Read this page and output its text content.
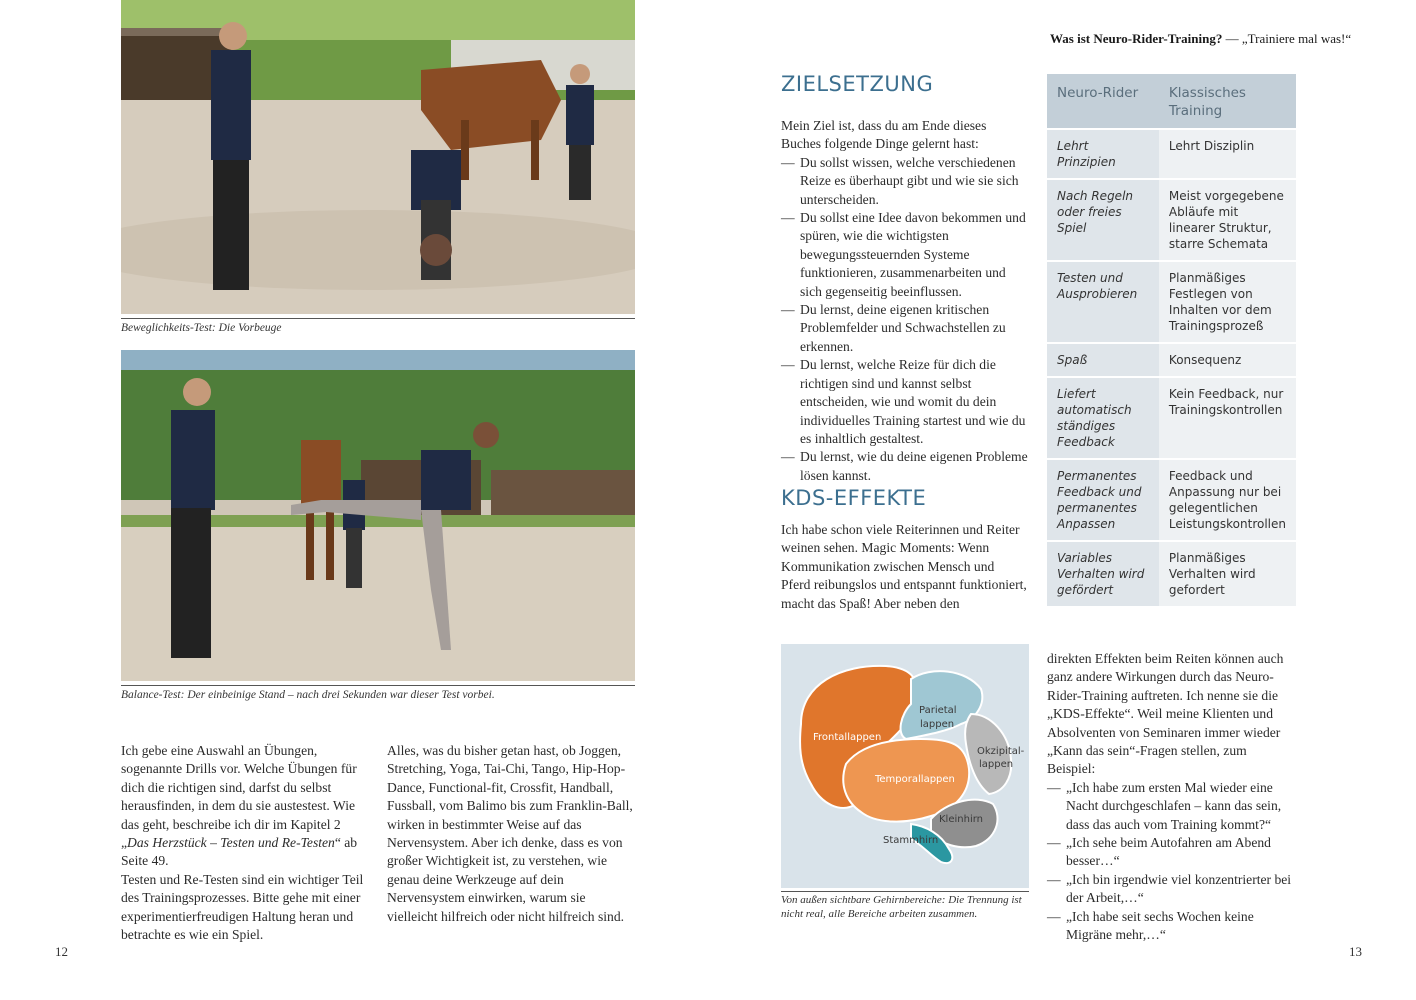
Was ist Neuro-Rider-Training? — „Trainiere mal was!“
Beweglichkeits-Test: Die Vorbeuge
Balance-Test: Der einbeinige Stand – nach drei Sekunden war dieser Test vorbei.

Ich gebe eine Auswahl an Übungen, sogenannte Drills vor. Welche Übungen für dich die richtigen sind, darfst du selbst herausfinden, in dem du sie austestest. Wie das geht, beschreibe ich dir im Kapitel 2 „Das Herzstück – Testen und Re-Testen“ ab Seite 49.

Testen und Re-Testen sind ein wichtiger Teil des Trainingsprozesses. Bitte gehe mit einer experimentierfreudigen Haltung heran und betrachte es wie ein Spiel.

Alles, was du bisher getan hast, ob Joggen, Stretching, Yoga, Tai-Chi, Tango, Hip-Hop-Dance, Functional-fit, Crossfit, Handball, Fussball, vom Balimo bis zum Franklin-Ball, wirken in bestimmter Weise auf das Nervensystem. Aber ich denke, dass es von großer Wichtigkeit ist, zu verstehen, wie genau deine Werkzeuge auf dein Nervensystem einwirken, warum sie vielleicht hilfreich oder nicht hilfreich sind.

12
ZIELSETZUNG

Mein Ziel ist, dass du am Ende dieses Buches folgende Dinge gelernt hast:

— Du sollst wissen, welche verschiedenen Reize es überhaupt gibt und wie sie sich unterscheiden.
— Du sollst eine Idee davon bekommen und spüren, wie die wichtigsten bewegungssteuernden Systeme funktionieren, zusammenarbeiten und sich gegenseitig beeinflussen.
— Du lernst, deine eigenen kritischen Problemfelder und Schwachstellen zu erkennen.
— Du lernst, welche Reize für dich die richtigen sind und kannst selbst entscheiden, wie und womit du dein individuelles Training startest und wie du es inhaltlich gestaltest.
— Du lernst, wie du deine eigenen Probleme lösen kannst.
KDS-EFFEKTE
Ich habe schon viele Reiterinnen und Reiter weinen sehen. Magic Moments: Wenn Kommunikation zwischen Mensch und Pferd reibungslos und entspannt funktioniert, macht das Spaß! Aber neben den
Neuro-Rider	Klassisches Training
Lehrt Prinzipien	Lehrt Disziplin
Nach Regeln oder freies Spiel	Meist vorgegebene Abläufe mit linearer Struktur, starre Schemata
Testen und Ausprobieren	Planmäßiges Festlegen von Inhalten vor dem Trainingsprozeß
Spaß	Konsequenz
Liefert automatisch ständiges Feedback	Kein Feedback, nur Trainingskontrollen
Permanentes Feedback und permanentes Anpassen	Feedback und Anpassung nur bei gelegentlichen Leistungskontrollen
Variables Verhalten wird gefördert	Planmäßiges Verhalten wird gefordert
Frontallappen
Parietal
lappen
Okzipital-
lappen
Temporallappen
Kleinhirn
Stammhirn
Von außen sichtbare Gehirnbereiche: Die Trennung ist nicht real, alle Bereiche arbeiten zusammen.

direkten Effekten beim Reiten können auch ganz andere Wirkungen durch das Neuro-Rider-Training auftreten. Ich nenne sie die „KDS-Effekte“. Weil meine Klienten und Absolventen von Seminaren immer wieder „Kann das sein“-Fragen stellen, zum Beispiel:

— „Ich habe zum ersten Mal wieder eine Nacht durchgeschlafen – kann das sein, dass das auch vom Training kommt?“
— „Ich sehe beim Autofahren am Abend besser…“
— „Ich bin irgendwie viel konzentrierter bei der Arbeit,…“
— „Ich habe seit sechs Wochen keine Migräne mehr,…“
13
